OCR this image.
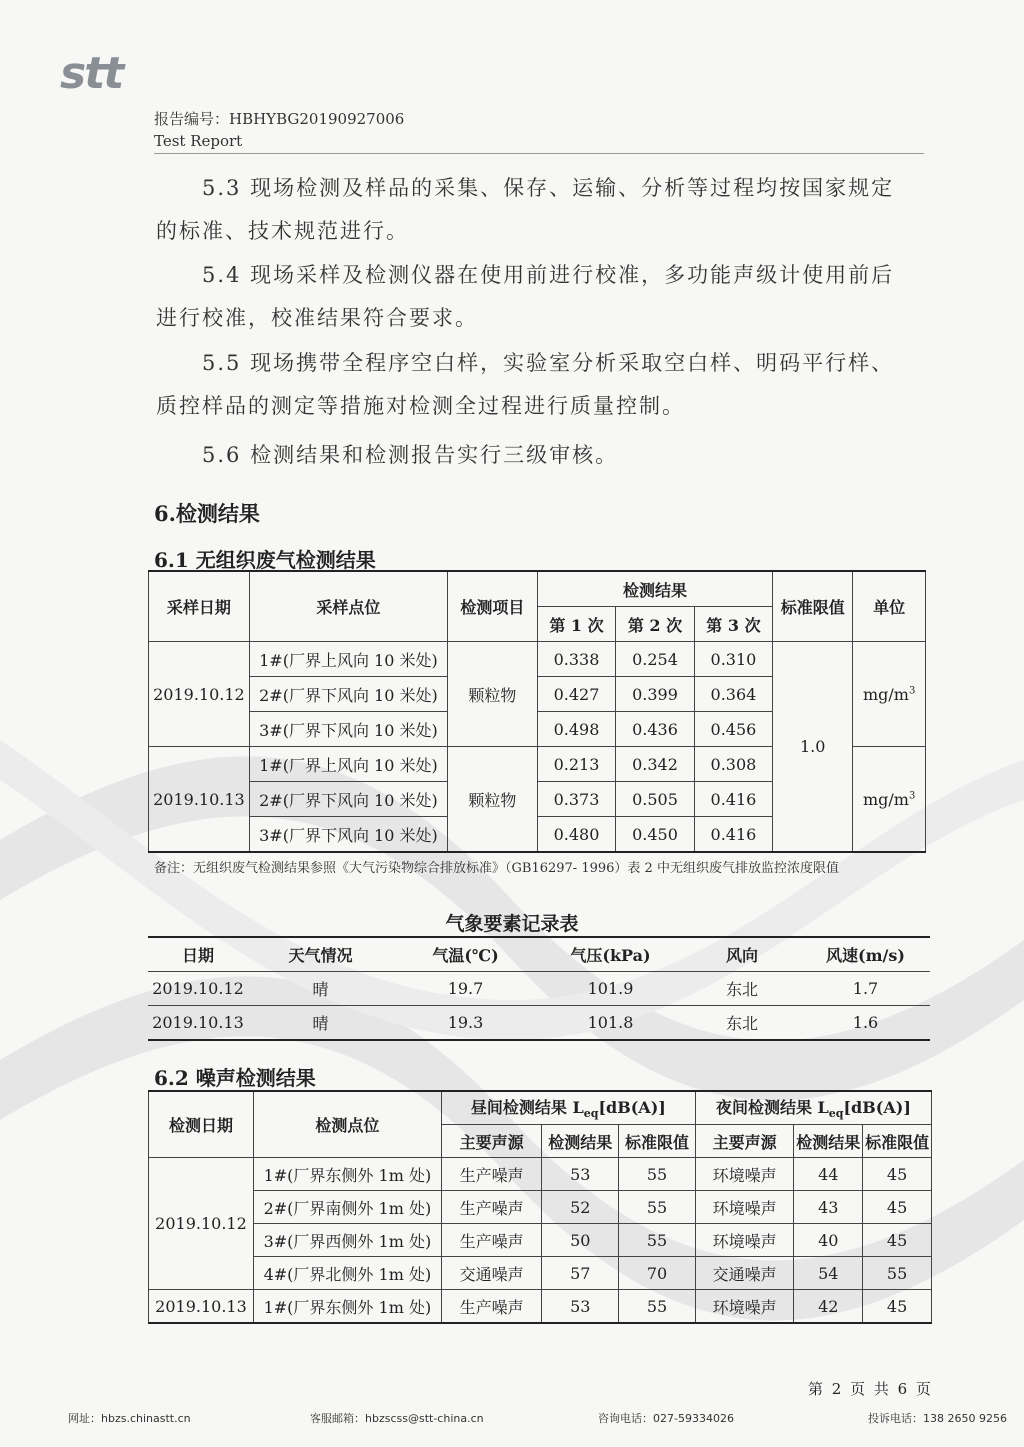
stt
报告编号：HBHYBG20190927006
Test Report
5.3 现场检测及样品的采集、保存、运输、分析等过程均按国家规定的标准、技术规范进行。
5.4 现场采样及检测仪器在使用前进行校准，多功能声级计使用前后进行校准，校准结果符合要求。
5.5 现场携带全程序空白样，实验室分析采取空白样、明码平行样、质控样品的测定等措施对检测全过程进行质量控制。
5.6 检测结果和检测报告实行三级审核。
6.检测结果
6.1 无组织废气检测结果
采样日期	采样点位	检测项目	检测结果			标准限值	单位
			第 1 次	第 2 次	第 3 次		
2019.10.12	1#(厂界上风向 10 米处)	颗粒物	0.338	0.254	0.310	1.0	$mg/m^3$
	2#(厂界下风向 10 米处)		0.427	0.399	0.364		
	3#(厂界下风向 10 米处)		0.498	0.436	0.456		
2019.10.13	1#(厂界上风向 10 米处)	颗粒物	0.213	0.342	0.308		$mg/m^3$
	2#(厂界下风向 10 米处)		0.373	0.505	0.416		
	3#(厂界下风向 10 米处)		0.480	0.450	0.416		
备注：无组织废气检测结果参照《大气污染物综合排放标准》（GB16297- 1996）表 2 中无组织废气排放监控浓度限值
气象要素记录表
日期	天气情况	气温(℃)	气压(kPa)	风向	风速(m/s)
2019.10.12	晴	19.7	101.9	东北	1.7
2019.10.13	晴	19.3	101.8	东北	1.6
6.2 噪声检测结果
检测日期	检测点位	昼间检测结果 $L_{eq}[dB(A)]$			夜间检测结果 $L_{eq}[dB(A)]$		
		主要声源	检测结果	标准限值	主要声源	检测结果	标准限值
2019.10.12	1#(厂界东侧外 1m 处)	生产噪声	53	55	环境噪声	44	45
	2#(厂界南侧外 1m 处)	生产噪声	52	55	环境噪声	43	45
	3#(厂界西侧外 1m 处)	生产噪声	50	55	环境噪声	40	45
	4#(厂界北侧外 1m 处)	交通噪声	57	70	交通噪声	54	55
2019.10.13	1#(厂界东侧外 1m 处)	生产噪声	53	55	环境噪声	42	45
第 2 页 共 6 页
网址：hbzs.chinastt.cn	客服邮箱：hbzscss@stt-china.cn	咨询电话：027-59334026	投诉电话：138 2650 9256
